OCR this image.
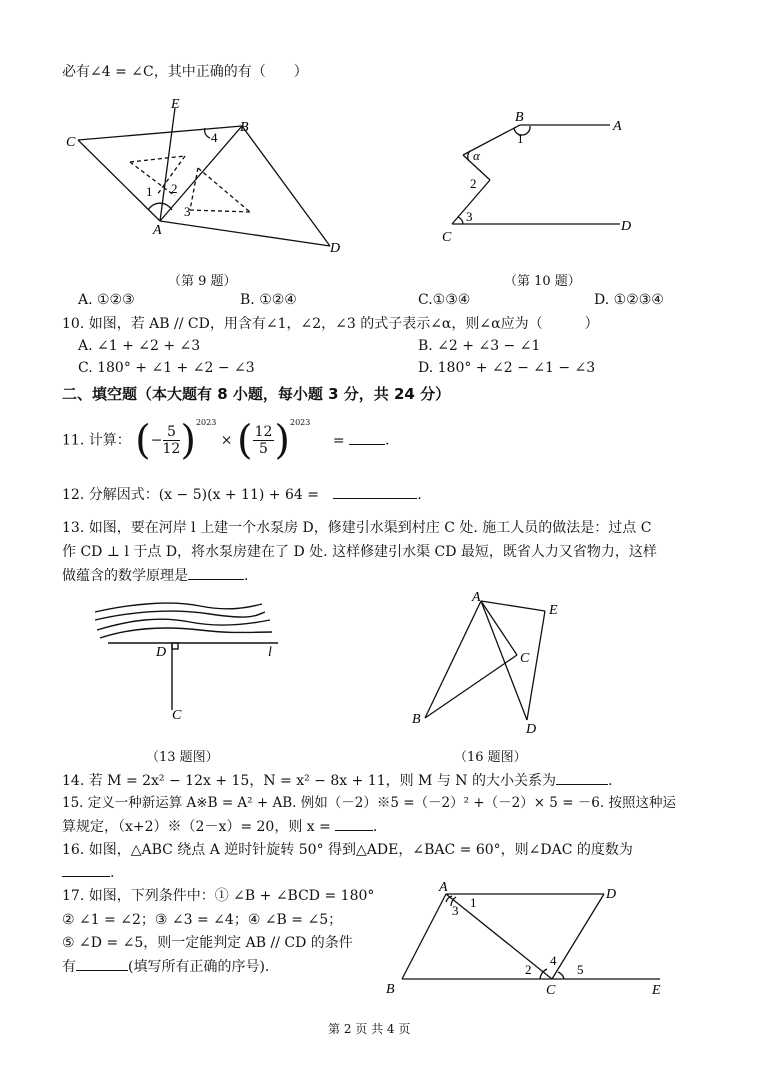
必有∠4 = ∠C，其中正确的有（　　）
E
B
C
A
D
1 2
3
4
B
A
1
α
2
3
C
D
（第 9 题）	（第 10 题）
A. ①②③	B. ①②④	C.①③④	D. ①②③④
10. 如图，若 AB // CD，用含有∠1，∠2，∠3 的式子表示∠α，则∠α应为（　　　）
A. ∠1 + ∠2 + ∠3	B. ∠2 + ∠3 − ∠1
C. 180° + ∠1 + ∠2 − ∠3	D. 180° + ∠2 − ∠1 − ∠3
二、填空题（本大题有 8 小题，每小题 3 分，共 24 分）
11. 计算： (− $\frac{5}{12} )^{2023}$ × ( $\frac{12}{5} )^{2023}$ =	.
12. 分解因式：(x − 5)(x + 11) + 64 =	.
13. 如图，要在河岸 l 上建一个水泵房 D，修建引水渠到村庄 C 处. 施工人员的做法是：过点 C
作 CD ⊥ l 于点 D，将水泵房建在了 D 处. 这样修建引水渠 CD 最短，既省人力又省物力，这样
做蕴含的数学原理是	.
D	l
C
A
E
C
B
D
（13 题图）	（16 题图）
14. 若 M = 2x² − 12x + 15，N = x² − 8x + 11，则 M 与 N 的大小关系为	.
15. 定义一种新运算 A※B = A² + AB. 例如（－2）※5 =（－2）² +（－2）× 5 = －6. 按照这种运
算规定，（x+2）※（2－x）= 20，则 x =	.
16. 如图，△ABC 绕点 A 逆时针旋转 50° 得到△ADE，∠BAC = 60°，则∠DAC 的度数为
.
17. 如图，下列条件中：① ∠B + ∠BCD = 180°
② ∠1 = ∠2；③ ∠3 = ∠4；④ ∠B = ∠5；
⑤ ∠D = ∠5，则一定能判定 AB // CD 的条件
有	(填写所有正确的序号).
A	D
1
3
4
2	5
B	C	E
第 2 页 共 4 页
